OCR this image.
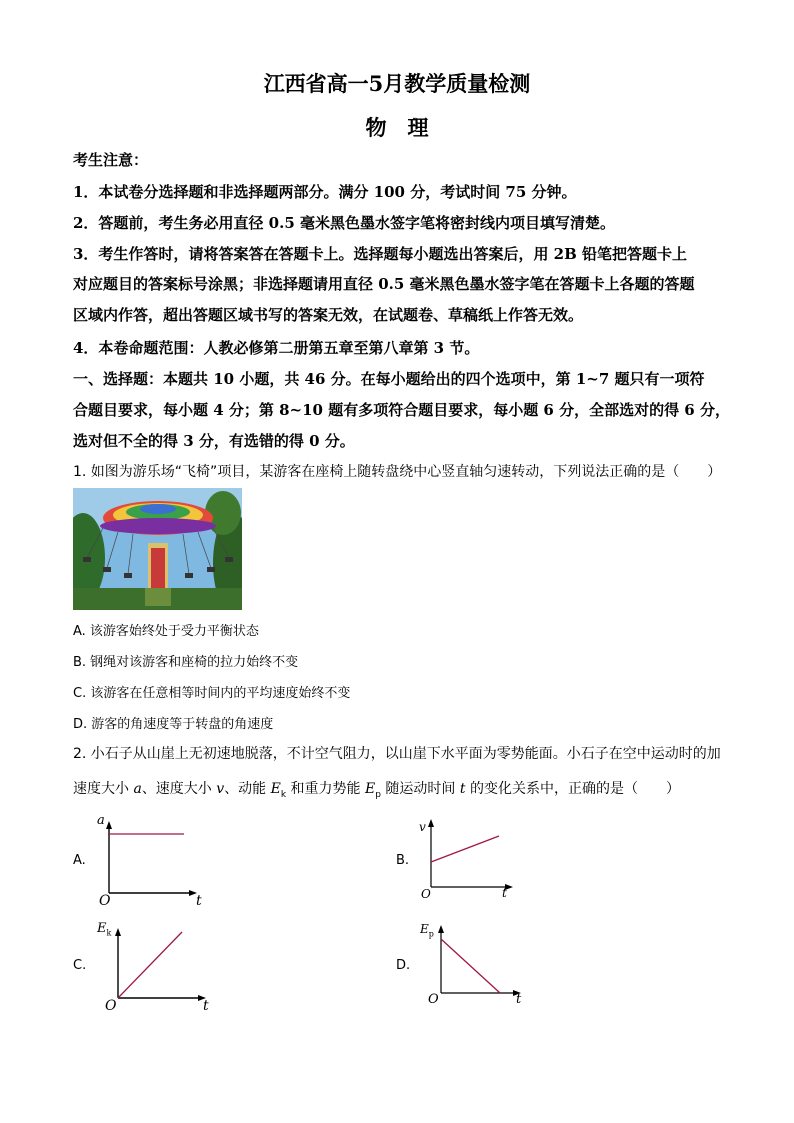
江西省高一5月教学质量检测
物　理
考生注意：
1．本试卷分选择题和非选择题两部分。满分 100 分，考试时间 75 分钟。
2．答题前，考生务必用直径 0.5 毫米黑色墨水签字笔将密封线内项目填写清楚。
3．考生作答时，请将答案答在答题卡上。选择题每小题选出答案后，用 2B 铅笔把答题卡上
对应题目的答案标号涂黑；非选择题请用直径 0.5 毫米黑色墨水签字笔在答题卡上各题的答题
区域内作答，超出答题区域书写的答案无效，在试题卷、草稿纸上作答无效。
4．本卷命题范围：人教必修第二册第五章至第八章第 3 节。
一、选择题：本题共 10 小题，共 46 分。在每小题给出的四个选项中，第 1~7 题只有一项符
合题目要求，每小题 4 分；第 8~10 题有多项符合题目要求，每小题 6 分，全部选对的得 6 分，
选对但不全的得 3 分，有选错的得 0 分。
1. 如图为游乐场“飞椅”项目，某游客在座椅上随转盘绕中心竖直轴匀速转动，下列说法正确的是（　　）
A. 该游客始终处于受力平衡状态
B. 钢绳对该游客和座椅的拉力始终不变
C. 该游客在任意相等时间内的平均速度始终不变
D. 游客的角速度等于转盘的角速度
2. 小石子从山崖上无初速地脱落，不计空气阻力，以山崖下水平面为零势能面。小石子在空中运动时的加
速度大小 a、速度大小 v、动能 $E_k$ 和重力势能 $E_p$ 随运动时间 t 的变化关系中，正确的是（　　）
A.
a
O	t
B.
v
O	t
C.
$E_k$
O	t
D.
$E_p$
O	t
